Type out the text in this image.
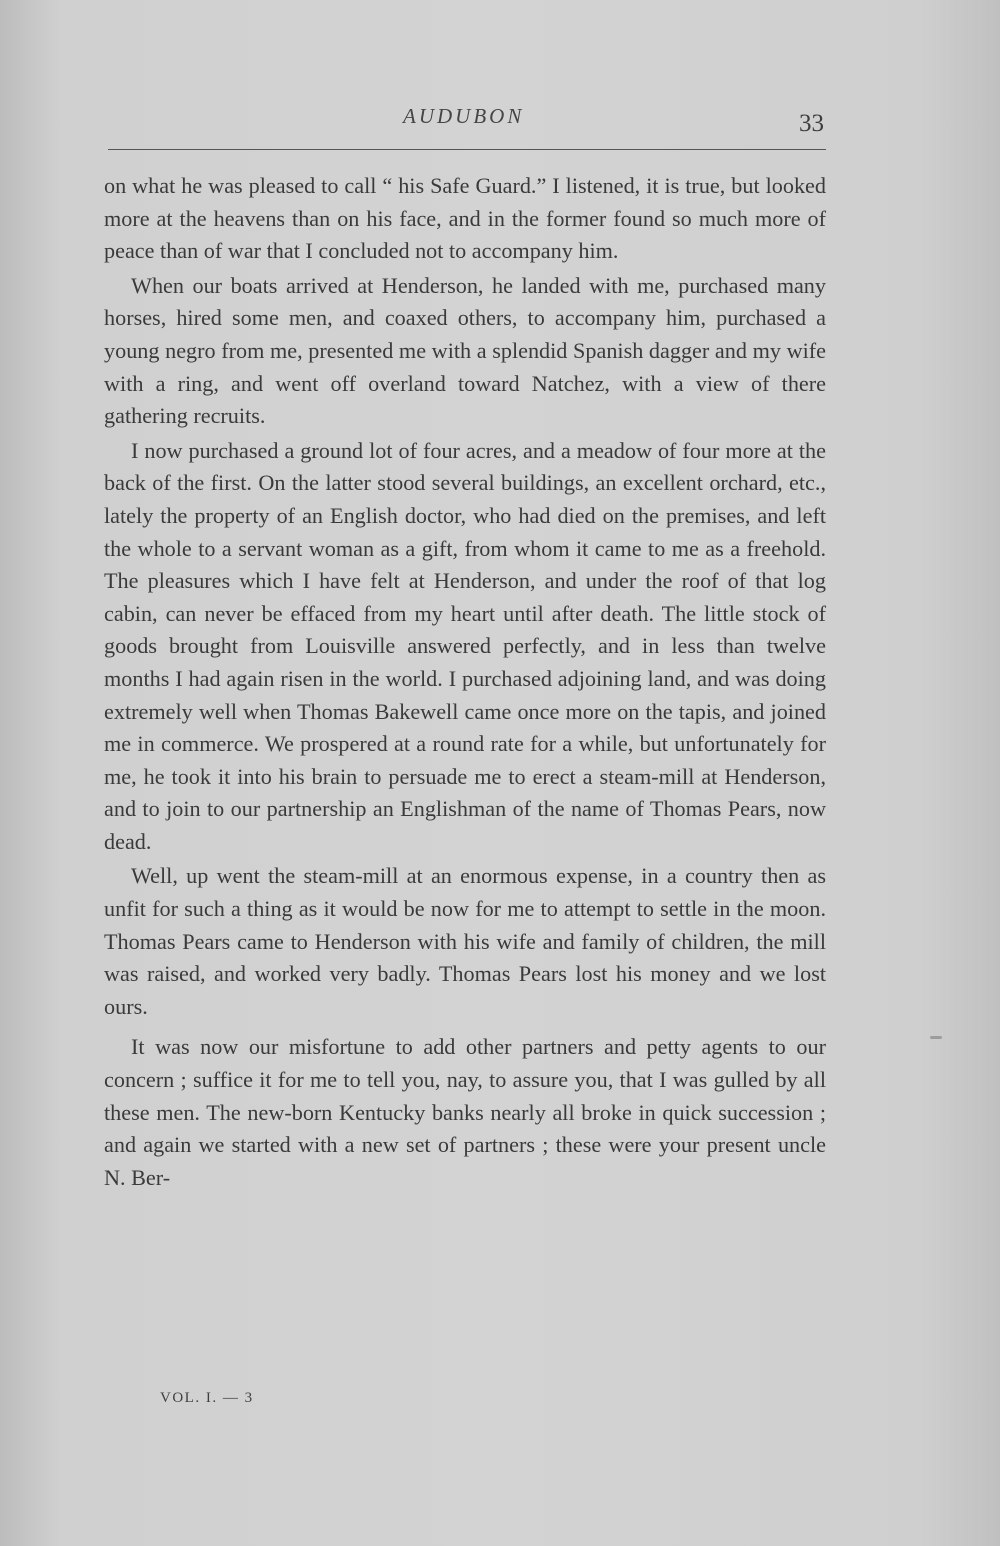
AUDUBON	33

on what he was pleased to call “ his Safe Guard.” I listened, it is true, but looked more at the heavens than on his face, and in the former found so much more of peace than of war that I concluded not to accompany him.

When our boats arrived at Henderson, he landed with me, purchased many horses, hired some men, and coaxed others, to accompany him, purchased a young negro from me, presented me with a splendid Spanish dagger and my wife with a ring, and went off overland toward Natchez, with a view of there gathering recruits.

I now purchased a ground lot of four acres, and a meadow of four more at the back of the first. On the latter stood several buildings, an excellent orchard, etc., lately the property of an English doctor, who had died on the premises, and left the whole to a servant woman as a gift, from whom it came to me as a freehold. The pleasures which I have felt at Henderson, and under the roof of that log cabin, can never be effaced from my heart until after death. The little stock of goods brought from Louisville answered perfectly, and in less than twelve months I had again risen in the world. I purchased adjoining land, and was doing extremely well when Thomas Bakewell came once more on the tapis, and joined me in commerce. We prospered at a round rate for a while, but unfortunately for me, he took it into his brain to persuade me to erect a steam-mill at Henderson, and to join to our partnership an Englishman of the name of Thomas Pears, now dead.

Well, up went the steam-mill at an enormous expense, in a country then as unfit for such a thing as it would be now for me to attempt to settle in the moon. Thomas Pears came to Henderson with his wife and family of children, the mill was raised, and worked very badly. Thomas Pears lost his money and we lost ours.

It was now our misfortune to add other partners and petty agents to our concern ; suffice it for me to tell you, nay, to assure you, that I was gulled by all these men. The new-born Kentucky banks nearly all broke in quick succession ; and again we started with a new set of partners ; these were your present uncle N. Ber-

VOL. I. — 3
